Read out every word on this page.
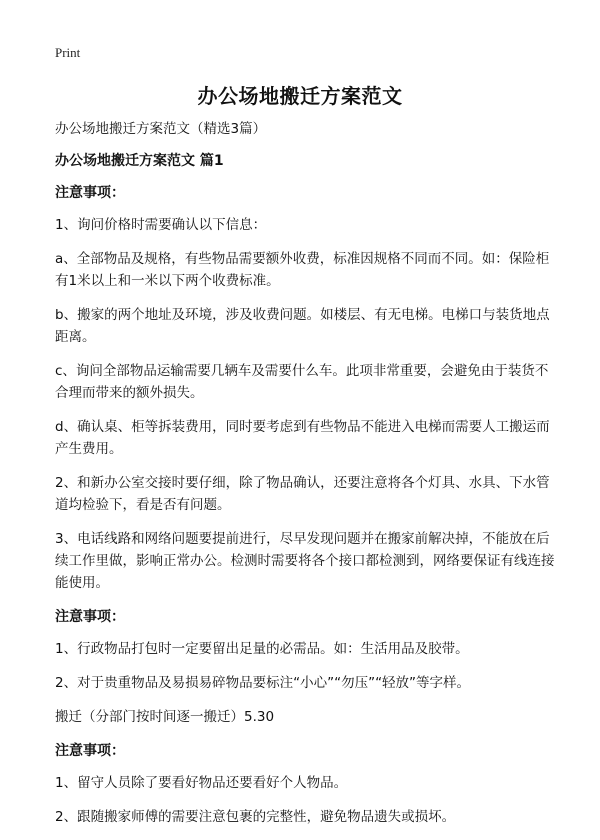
Print
办公场地搬迁方案范文
办公场地搬迁方案范文（精选3篇）
办公场地搬迁方案范文 篇1
注意事项：
1、询问价格时需要确认以下信息：
a、全部物品及规格，有些物品需要额外收费，标准因规格不同而不同。如：保险柜有1米以上和一米以下两个收费标准。
b、搬家的两个地址及环境，涉及收费问题。如楼层、有无电梯。电梯口与装货地点距离。
c、询问全部物品运输需要几辆车及需要什么车。此项非常重要，会避免由于装货不合理而带来的额外损失。
d、确认桌、柜等拆装费用，同时要考虑到有些物品不能进入电梯而需要人工搬运而产生费用。
2、和新办公室交接时要仔细，除了物品确认，还要注意将各个灯具、水具、下水管道均检验下，看是否有问题。
3、电话线路和网络问题要提前进行，尽早发现问题并在搬家前解决掉，不能放在后续工作里做，影响正常办公。检测时需要将各个接口都检测到，网络要保证有线连接能使用。
注意事项：
1、行政物品打包时一定要留出足量的必需品。如：生活用品及胶带。
2、对于贵重物品及易损易碎物品要标注“小心”“勿压”“轻放”等字样。
搬迁（分部门按时间逐一搬迁）5.30
注意事项：
1、留守人员除了要看好物品还要看好个人物品。
2、跟随搬家师傅的需要注意包裹的完整性，避免物品遗失或损坏。
